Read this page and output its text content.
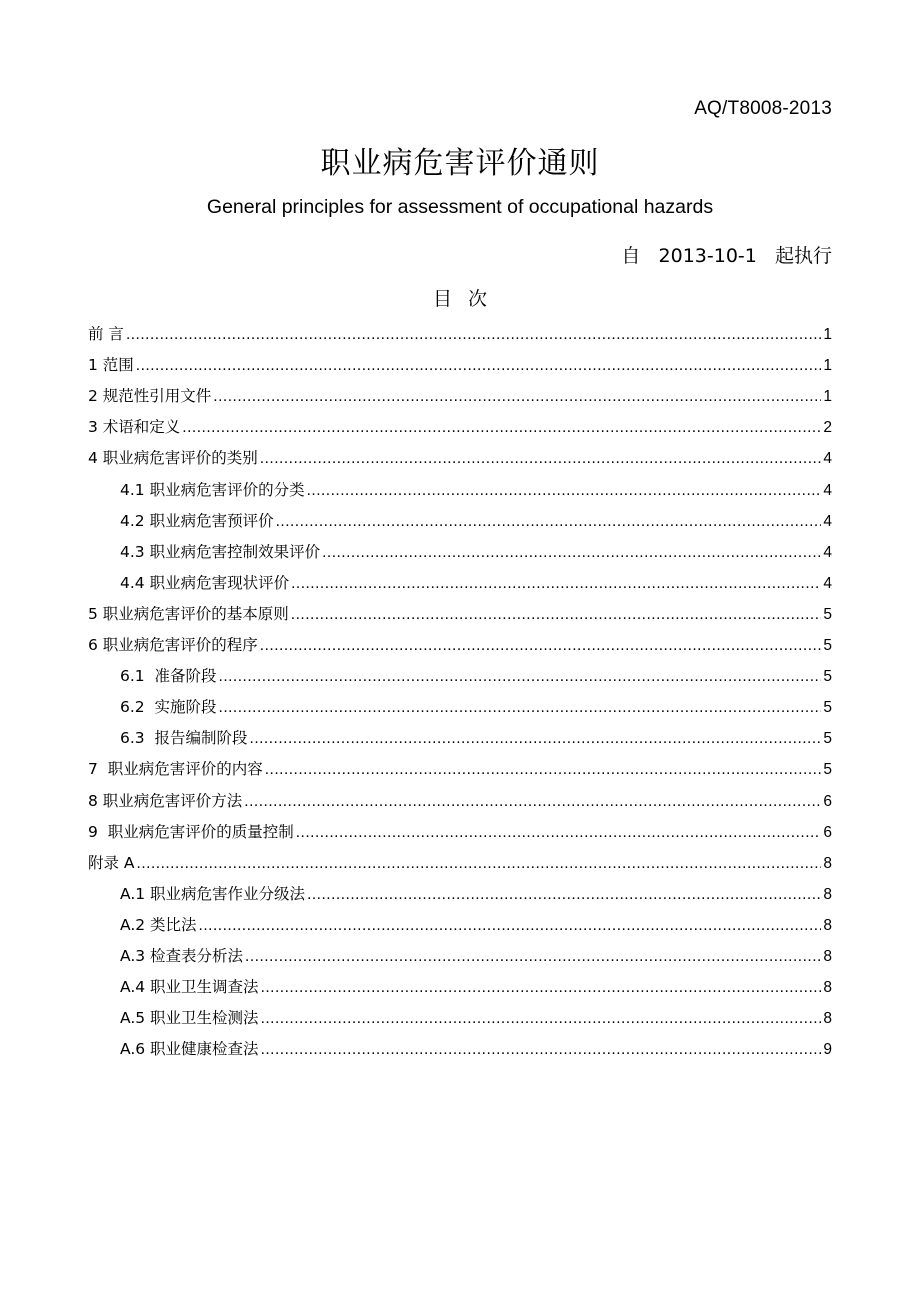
AQ/T8008-2013
职业病危害评价通则
General principles for assessment of occupational hazards
自 2013-10-1 起执行
目次
前 言 .....	1
1 范围 .....	1
2 规范性引用文件 .....	1
3 术语和定义 .....	2
4 职业病危害评价的类别 .....	4
4.1 职业病危害评价的分类 .....	4
4.2 职业病危害预评价 .....	4
4.3 职业病危害控制效果评价 .....	4
4.4 职业病危害现状评价 .....	4
5 职业病危害评价的基本原则 .....	5
6 职业病危害评价的程序 .....	5
6.1  准备阶段 .....	5
6.2  实施阶段 .....	5
6.3  报告编制阶段 .....	5
7  职业病危害评价的内容 .....	5
8 职业病危害评价方法 .....	6
9  职业病危害评价的质量控制 .....	6
附录 A .....	8
A.1 职业病危害作业分级法 .....	8
A.2 类比法 .....	8
A.3 检查表分析法 .....	8
A.4 职业卫生调查法 .....	8
A.5 职业卫生检测法 .....	8
A.6 职业健康检查法 .....	9
